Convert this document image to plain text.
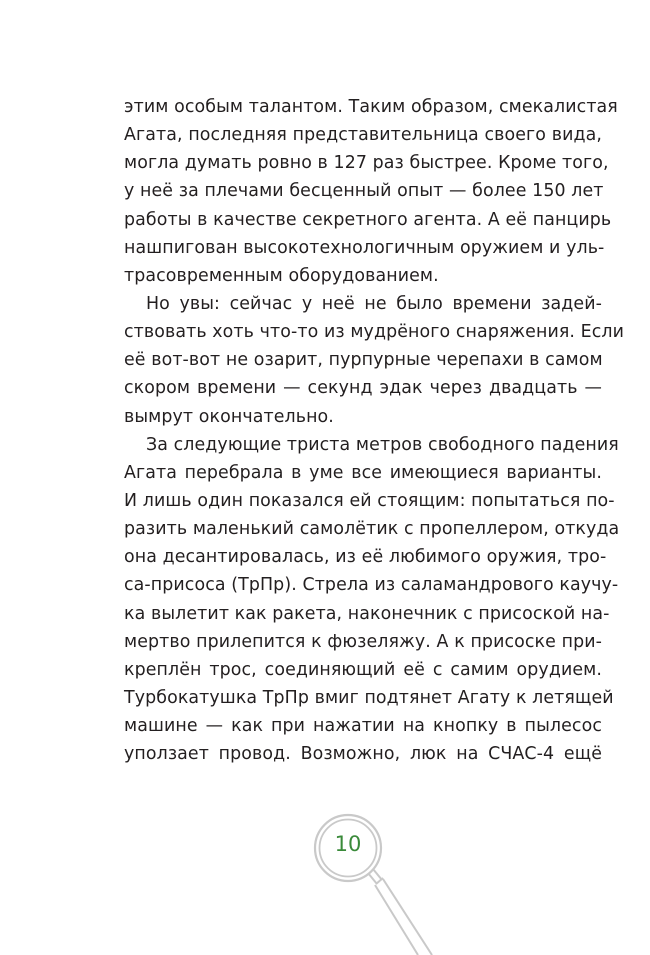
этим особым талантом. Таким образом, смекалистая
Агата, последняя представительница своего вида,
могла думать ровно в 127 раз быстрее. Кроме того,
у неё за плечами бесценный опыт — более 150 лет
работы в качестве секретного агента. А её панцирь
нашпигован высокотехнологичным оружием и уль-
трасовременным оборудованием.
Но увы: сейчас у неё не было времени задей-
ствовать хоть что-то из мудрёного снаряжения. Если
её вот-вот не озарит, пурпурные черепахи в самом
скором времени — секунд эдак через двадцать —
вымрут окончательно.
За следующие триста метров свободного падения
Агата перебрала в уме все имеющиеся варианты.
И лишь один показался ей стоящим: попытаться по-
разить маленький самолётик с пропеллером, откуда
она десантировалась, из её любимого оружия, тро-
са-присоса (ТрПр). Стрела из саламандрового каучу-
ка вылетит как ракета, наконечник с присоской на-
мертво прилепится к фюзеляжу. А к присоске при-
креплён трос, соединяющий её с самим орудием.
Турбокатушка ТрПр вмиг подтянет Агату к летящей
машине — как при нажатии на кнопку в пылесос
уползает провод. Возможно, люк на СЧАС-4 ещё
10
